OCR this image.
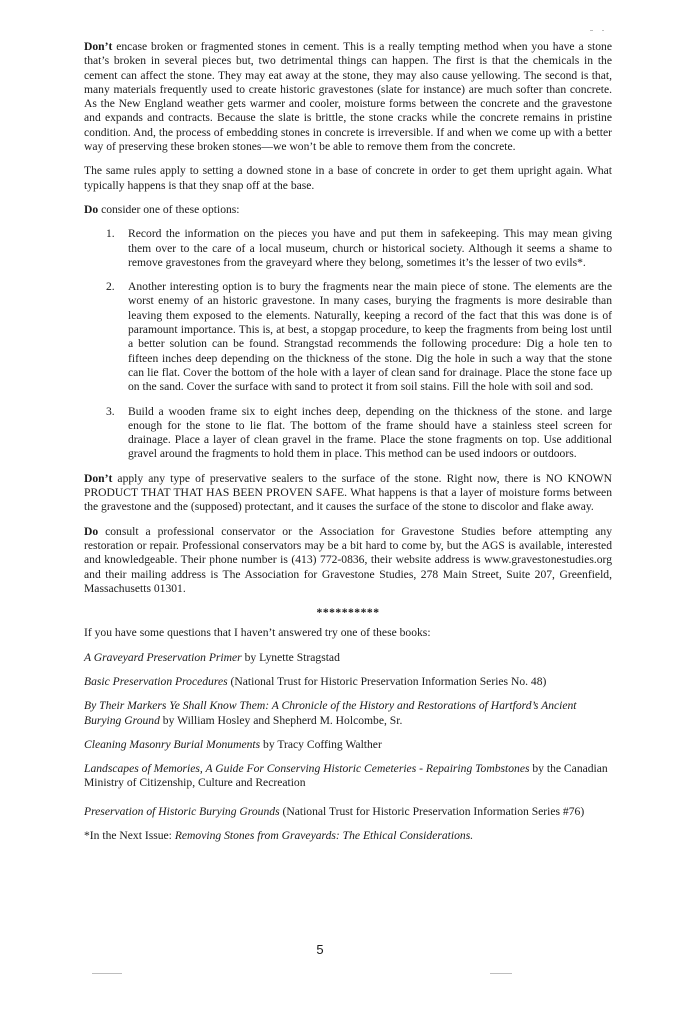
Don’t encase broken or fragmented stones in cement. This is a really tempting method when you have a stone that’s broken in several pieces but, two detrimental things can happen. The first is that the chemicals in the cement can affect the stone. They may eat away at the stone, they may also cause yellowing. The second is that, many materials frequently used to create historic gravestones (slate for instance) are much softer than concrete. As the New England weather gets warmer and cooler, moisture forms between the concrete and the gravestone and expands and contracts. Because the slate is brittle, the stone cracks while the concrete remains in pristine condition. And, the process of embedding stones in concrete is irreversible. If and when we come up with a better way of preserving these broken stones—we won’t be able to remove them from the concrete.

The same rules apply to setting a downed stone in a base of concrete in order to get them upright again. What typically happens is that they snap off at the base.

Do consider one of these options:

1. Record the information on the pieces you have and put them in safekeeping. This may mean giving them over to the care of a local museum, church or historical society. Although it seems a shame to remove gravestones from the graveyard where they belong, sometimes it’s the lesser of two evils*.
2. Another interesting option is to bury the fragments near the main piece of stone. The elements are the worst enemy of an historic gravestone. In many cases, burying the fragments is more desirable than leaving them exposed to the elements. Naturally, keeping a record of the fact that this was done is of paramount importance. This is, at best, a stopgap procedure, to keep the fragments from being lost until a better solution can be found. Strangstad recommends the following procedure: Dig a hole ten to fifteen inches deep depending on the thickness of the stone. Dig the hole in such a way that the stone can lie flat. Cover the bottom of the hole with a layer of clean sand for drainage. Place the stone face up on the sand. Cover the surface with sand to protect it from soil stains. Fill the hole with soil and sod.
3. Build a wooden frame six to eight inches deep, depending on the thickness of the stone. and large enough for the stone to lie flat. The bottom of the frame should have a stainless steel screen for drainage. Place a layer of clean gravel in the frame. Place the stone fragments on top. Use additional gravel around the fragments to hold them in place. This method can be used indoors or outdoors.

Don’t apply any type of preservative sealers to the surface of the stone. Right now, there is NO KNOWN PRODUCT THAT THAT HAS BEEN PROVEN SAFE. What happens is that a layer of moisture forms between the gravestone and the (supposed) protectant, and it causes the surface of the stone to discolor and flake away.

Do consult a professional conservator or the Association for Gravestone Studies before attempting any restoration or repair. Professional conservators may be a bit hard to come by, but the AGS is available, interested and knowledgeable. Their phone number is (413) 772-0836, their website address is www.gravestonestudies.org and their mailing address is The Association for Gravestone Studies, 278 Main Street, Suite 207, Greenfield, Massachusetts 01301.

**********

If you have some questions that I haven’t answered try one of these books:

A Graveyard Preservation Primer by Lynette Stragstad

Basic Preservation Procedures (National Trust for Historic Preservation Information Series No. 48)

By Their Markers Ye Shall Know Them: A Chronicle of the History and Restorations of Hartford’s Ancient Burying Ground by William Hosley and Shepherd M. Holcombe, Sr.

Cleaning Masonry Burial Monuments by Tracy Coffing Walther

Landscapes of Memories, A Guide For Conserving Historic Cemeteries - Repairing Tombstones by the Canadian Ministry of Citizenship, Culture and Recreation

Preservation of Historic Burying Grounds (National Trust for Historic Preservation Information Series #76)

*In the Next Issue: Removing Stones from Graveyards: The Ethical Considerations.

5
